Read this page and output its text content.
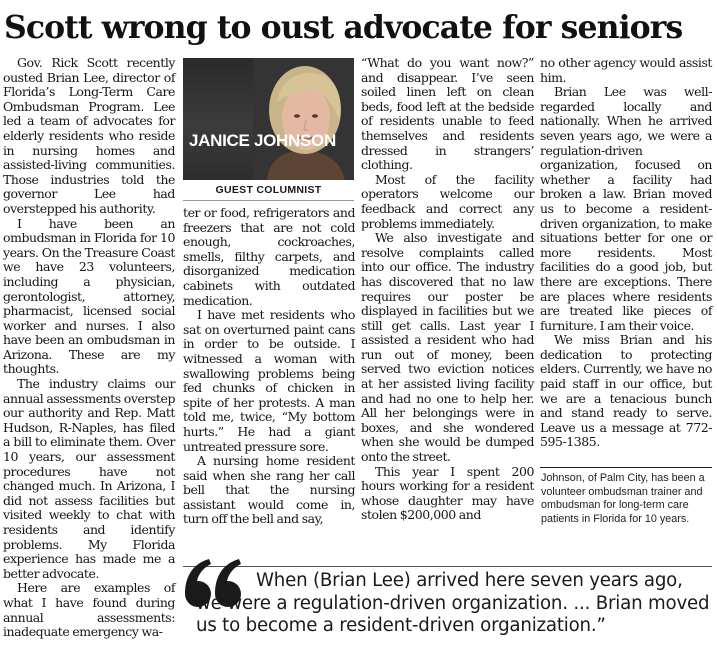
Scott wrong to oust advocate for seniors

Gov. Rick Scott recently ousted Brian Lee, director of Florida’s Long-Term Care Ombudsman Program. Lee led a team of advocates for elderly residents who reside in nursing homes and assisted-living communities. Those industries told the governor Lee had overstepped his authority.

I have been an ombudsman in Florida for 10 years. On the Treasure Coast we have 23 volunteers, including a physician, gerontologist, attorney, pharmacist, licensed social worker and nurses. I also have been an ombudsman in Arizona. These are my thoughts.

The industry claims our annual assessments overstep our authority and Rep. Matt Hudson, R-Naples, has filed a bill to eliminate them. Over 10 years, our assessment procedures have not changed much. In Arizona, I did not assess facilities but visited weekly to chat with residents and identify problems. My Florida experience has made me a better advocate.

Here are examples of what I have found during annual assessments: inadequate emergency wa-

JANICE JOHNSON
GUEST COLUMNIST

ter or food, refrigerators and freezers that are not cold enough, cockroaches, smells, filthy carpets, and disorganized medication cabinets with outdated medication.

I have met residents who sat on overturned paint cans in order to be outside. I witnessed a woman with swallowing problems being fed chunks of chicken in spite of her protests. A man told me, twice, “My bottom hurts.” He had a giant untreated pressure sore.

A nursing home resident said when she rang her call bell that the nursing assistant would come in, turn off the bell and say,

“What do you want now?” and disappear. I’ve seen soiled linen left on clean beds, food left at the bedside of residents unable to feed themselves and residents dressed in strangers’ clothing.

Most of the facility operators welcome our feedback and correct any problems immediately.

We also investigate and resolve complaints called into our office. The industry has discovered that no law requires our poster be displayed in facilities but we still get calls. Last year I assisted a resident who had run out of money, been served two eviction notices at her assisted living facility and had no one to help her. All her belongings were in boxes, and she wondered when she would be dumped onto the street.

This year I spent 200 hours working for a resident whose daughter may have stolen $200,000 and

no other agency would assist him.

Brian Lee was well-regarded locally and nationally. When he arrived seven years ago, we were a regulation-driven organization, focused on whether a facility had broken a law. Brian moved us to become a resident-driven organization, to make situations better for one or more residents. Most facilities do a good job, but there are exceptions. There are places where residents are treated like pieces of furniture. I am their voice.

We miss Brian and his dedication to protecting elders. Currently, we have no paid staff in our office, but we are a tenacious bunch and stand ready to serve. Leave us a message at 772-595-1385.

Johnson, of Palm City, has been a volunteer ombudsman trainer and ombudsman for long-term care patients in Florida for 10 years.

When (Brian Lee) arrived here seven years ago, we were a regulation-driven organization. ... Brian moved us to become a resident-driven organization.”
